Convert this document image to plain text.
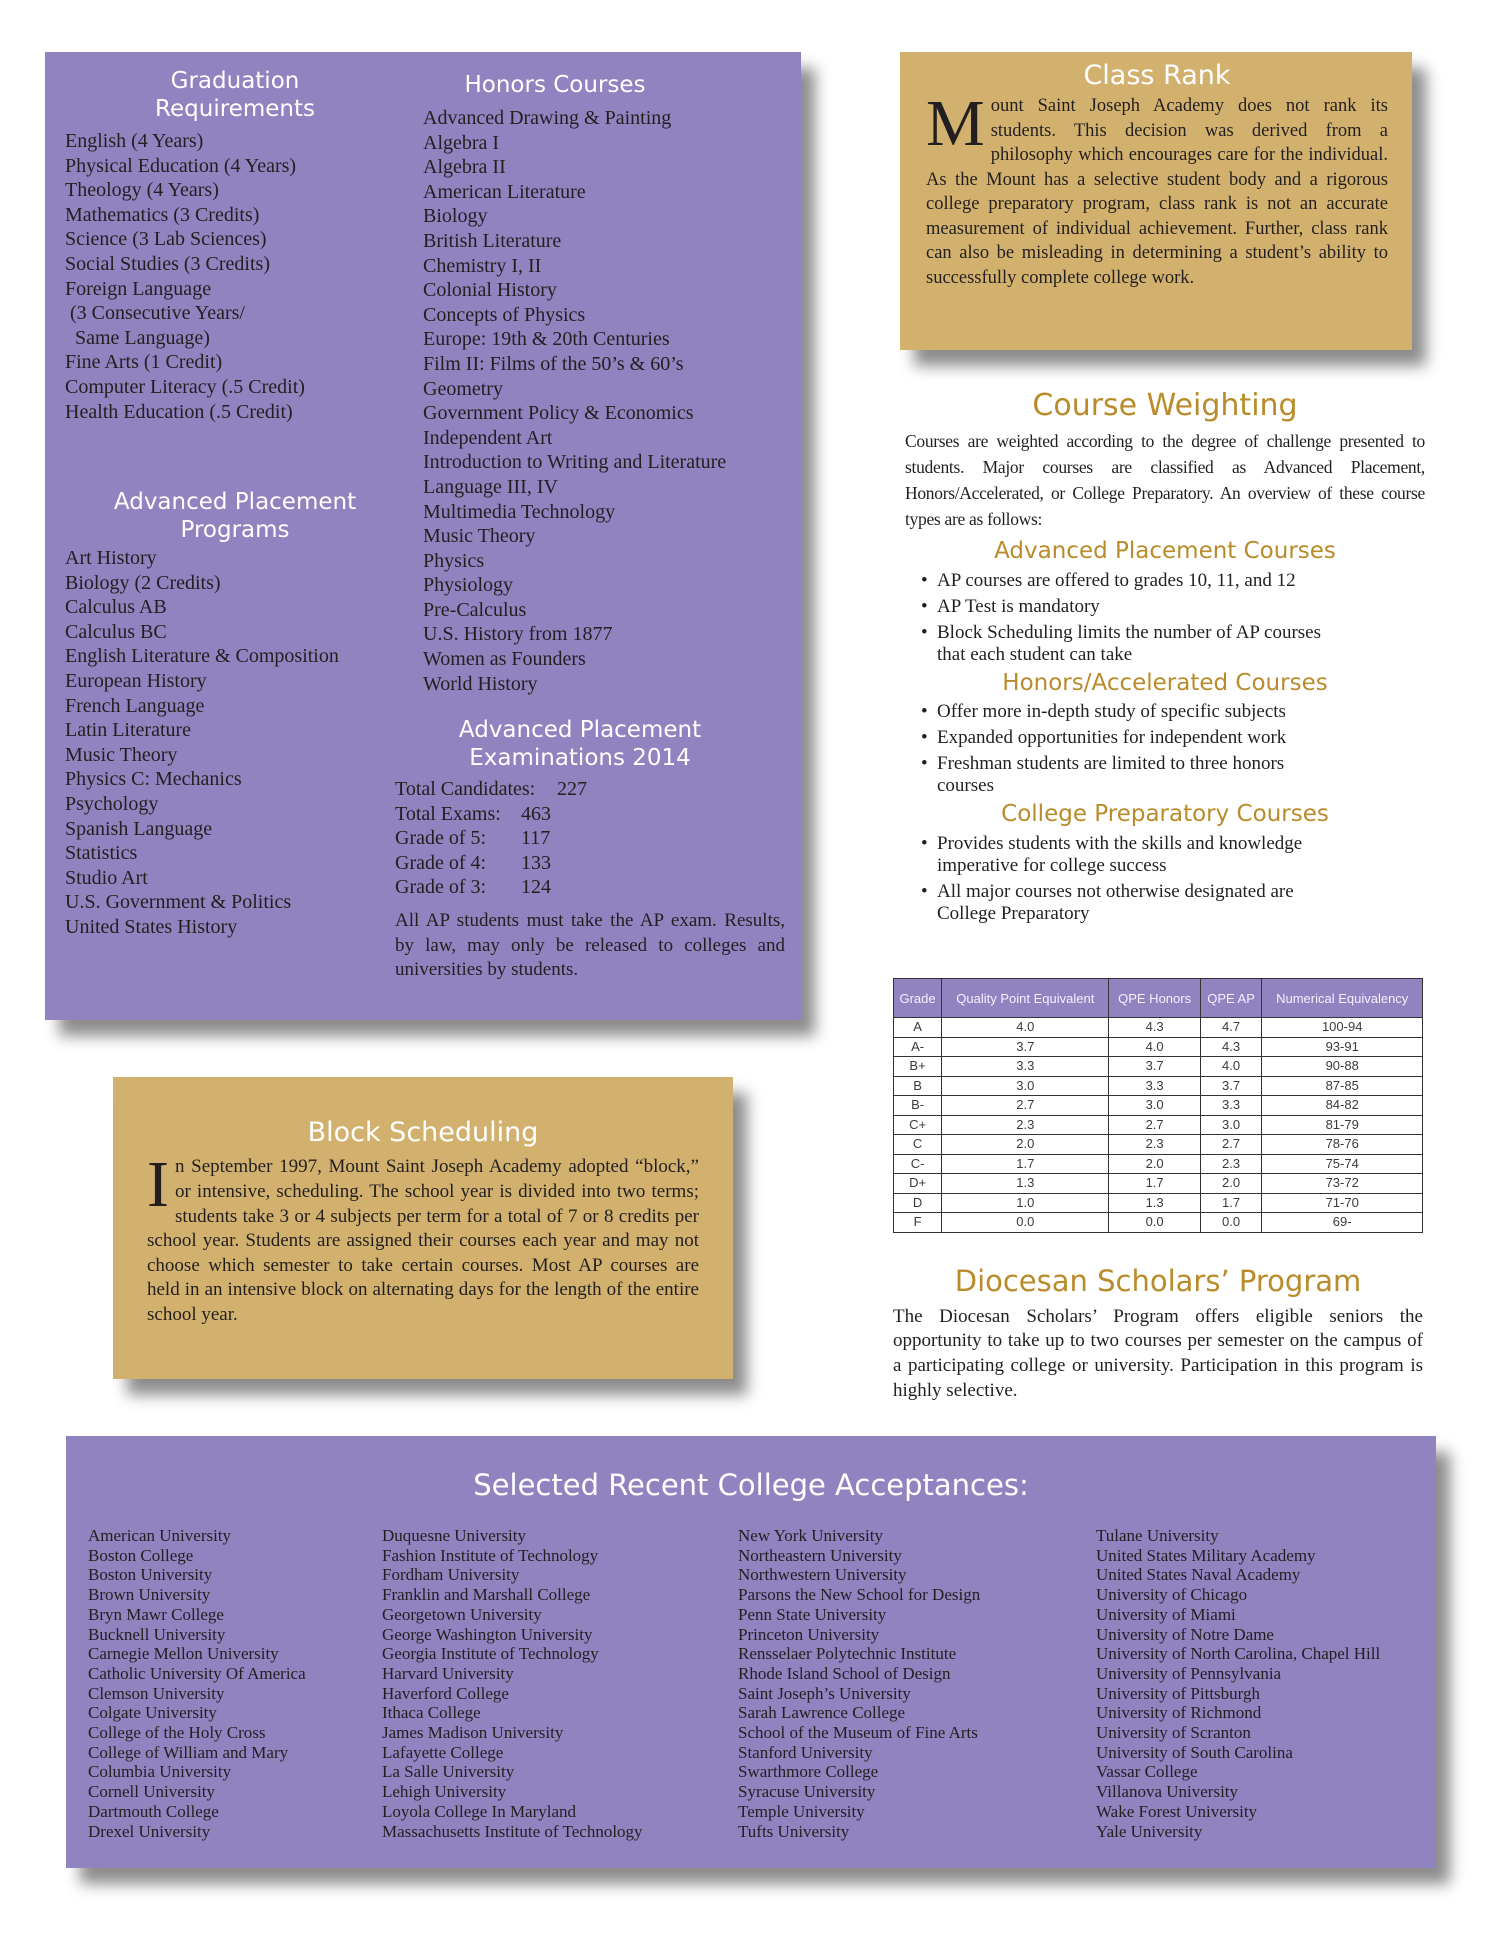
Graduation
Requirements
English (4 Years)
Physical Education (4 Years)
Theology (4 Years)
Mathematics (3 Credits)
Science (3 Lab Sciences)
Social Studies (3 Credits)
Foreign Language
(3 Consecutive Years/
Same Language)
Fine Arts (1 Credit)
Computer Literacy (.5 Credit)
Health Education (.5 Credit)
Advanced Placement
Programs
Art History
Biology (2 Credits)
Calculus AB
Calculus BC
English Literature & Composition
European History
French Language
Latin Literature
Music Theory
Physics C: Mechanics
Psychology
Spanish Language
Statistics
Studio Art
U.S. Government & Politics
United States History
Honors Courses
Advanced Drawing & Painting
Algebra I
Algebra II
American Literature
Biology
British Literature
Chemistry I, II
Colonial History
Concepts of Physics
Europe: 19th & 20th Centuries
Film II: Films of the 50’s & 60’s
Geometry
Government Policy & Economics
Independent Art
Introduction to Writing and Literature
Language III, IV
Multimedia Technology
Music Theory
Physics
Physiology
Pre-Calculus
U.S. History from 1877
Women as Founders
World History
Advanced Placement
Examinations 2014
Total Candidates: 227
Total Exams: 463
Grade of 5: 117
Grade of 4: 133
Grade of 3: 124

All AP students must take the AP exam. Results, by law, may only be released to colleges and universities by students.

Class Rank

Mount Saint Joseph Academy does not rank its students. This decision was derived from a philosophy which encourages care for the individual. As the Mount has a selective student body and a rigorous college preparatory program, class rank is not an accurate measurement of individual achievement. Further, class rank can also be misleading in determining a student’s ability to successfully complete college work.

Course Weighting

Courses are weighted according to the degree of challenge presented to students. Major courses are classified as Advanced Placement, Honors/Accelerated, or College Preparatory. An overview of these course types are as follows:

Advanced Placement Courses
• AP courses are offered to grades 10, 11, and 12
• AP Test is mandatory
• Block Scheduling limits the number of AP courses that each student can take
Honors/Accelerated Courses
• Offer more in-depth study of specific subjects
• Expanded opportunities for independent work
• Freshman students are limited to three honors courses
College Preparatory Courses
• Provides students with the skills and knowledge imperative for college success
• All major courses not otherwise designated are College Preparatory
Grade	Quality Point Equivalent	QPE Honors	QPE AP	Numerical Equivalency
A	4.0	4.3	4.7	100-94
A-	3.7	4.0	4.3	93-91
B+	3.3	3.7	4.0	90-88
B	3.0	3.3	3.7	87-85
B-	2.7	3.0	3.3	84-82
C+	2.3	2.7	3.0	81-79
C	2.0	2.3	2.7	78-76
C-	1.7	2.0	2.3	75-74
D+	1.3	1.7	2.0	73-72
D	1.0	1.3	1.7	71-70
F	0.0	0.0	0.0	69-
Block Scheduling

In September 1997, Mount Saint Joseph Academy adopted “block,” or intensive, scheduling. The school year is divided into two terms; students take 3 or 4 subjects per term for a total of 7 or 8 credits per school year. Students are assigned their courses each year and may not choose which semester to take certain courses. Most AP courses are held in an intensive block on alternating days for the length of the entire school year.

Diocesan Scholars’ Program

The Diocesan Scholars’ Program offers eligible seniors the opportunity to take up to two courses per semester on the campus of a participating college or university. Participation in this program is highly selective.

Selected Recent College Acceptances:
American University
Boston College
Boston University
Brown University
Bryn Mawr College
Bucknell University
Carnegie Mellon University
Catholic University Of America
Clemson University
Colgate University
College of the Holy Cross
College of William and Mary
Columbia University
Cornell University
Dartmouth College
Drexel University
Duquesne University
Fashion Institute of Technology
Fordham University
Franklin and Marshall College
Georgetown University
George Washington University
Georgia Institute of Technology
Harvard University
Haverford College
Ithaca College
James Madison University
Lafayette College
La Salle University
Lehigh University
Loyola College In Maryland
Massachusetts Institute of Technology
New York University
Northeastern University
Northwestern University
Parsons the New School for Design
Penn State University
Princeton University
Rensselaer Polytechnic Institute
Rhode Island School of Design
Saint Joseph’s University
Sarah Lawrence College
School of the Museum of Fine Arts
Stanford University
Swarthmore College
Syracuse University
Temple University
Tufts University
Tulane University
United States Military Academy
United States Naval Academy
University of Chicago
University of Miami
University of Notre Dame
University of North Carolina, Chapel Hill
University of Pennsylvania
University of Pittsburgh
University of Richmond
University of Scranton
University of South Carolina
Vassar College
Villanova University
Wake Forest University
Yale University
